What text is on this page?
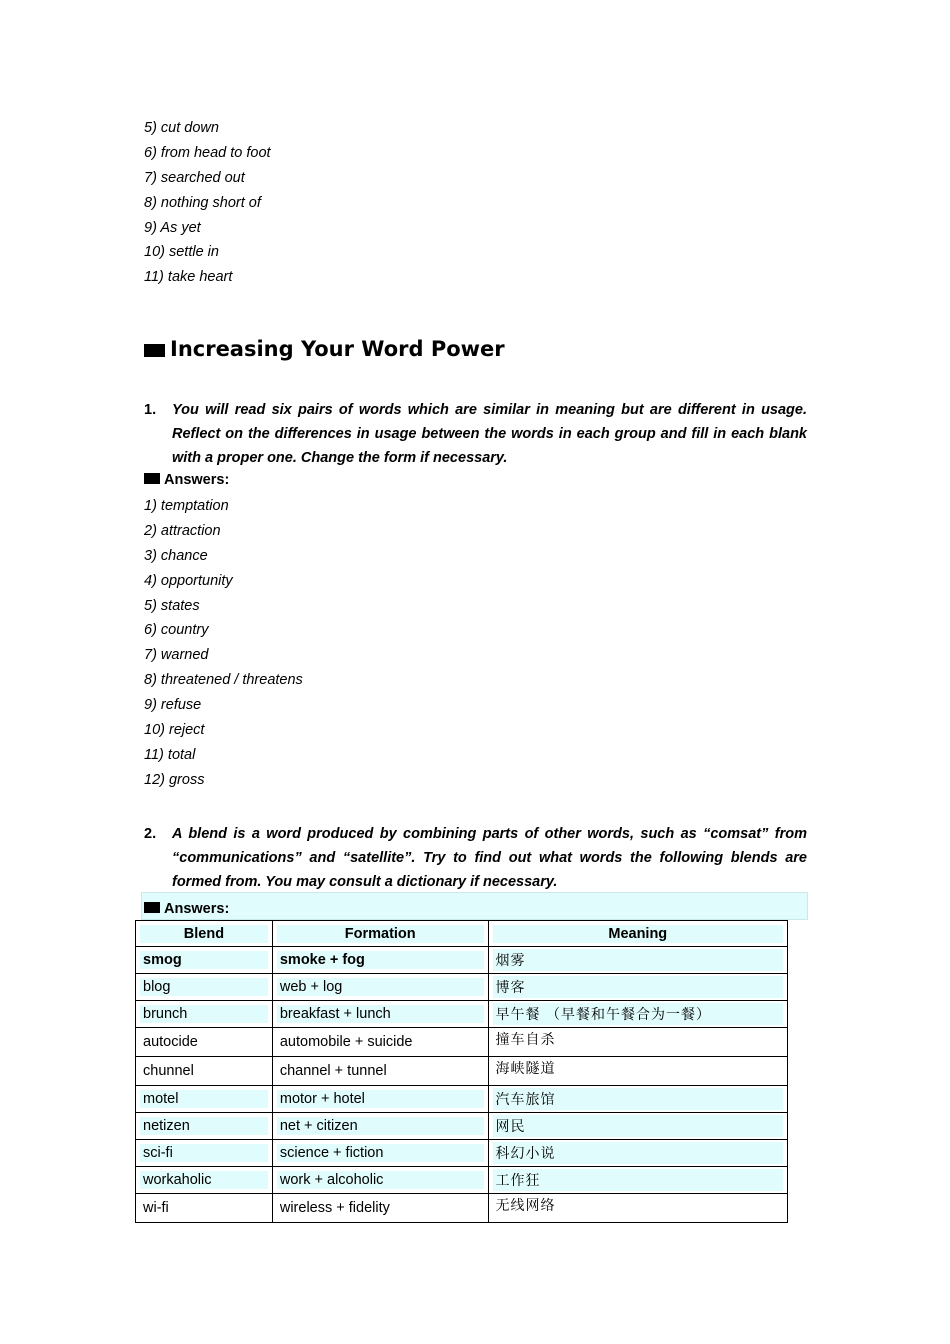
5) cut down
6) from head to foot
7) searched out
8) nothing short of
9) As yet
10) settle in
11) take heart
Increasing Your Word Power
1. You will read six pairs of words which are similar in meaning but are different in usage. Reflect on the differences in usage between the words in each group and fill in each blank with a proper one. Change the form if necessary.
Answers:
1) temptation
2) attraction
3) chance
4) opportunity
5) states
6) country
7) warned
8) threatened / threatens
9) refuse
10) reject
11) total
12) gross
2. A blend is a word produced by combining parts of other words, such as “comsat” from “communications” and “satellite”. Try to find out what words the following blends are formed from. You may consult a dictionary if necessary.
Answers:
Blend	Formation	Meaning

smog	smoke + fog	烟雾

blog	web + log	博客

brunch	breakfast + lunch	早午餐 （早餐和午餐合为一餐）

autocide	automobile + suicide	撞车自杀

chunnel	channel + tunnel	海峡隧道

motel	motor + hotel	汽车旅馆

netizen	net + citizen	网民

sci-fi	science + fiction	科幻小说

workaholic	work + alcoholic	工作狂

wi-fi	wireless + fidelity	无线网络
